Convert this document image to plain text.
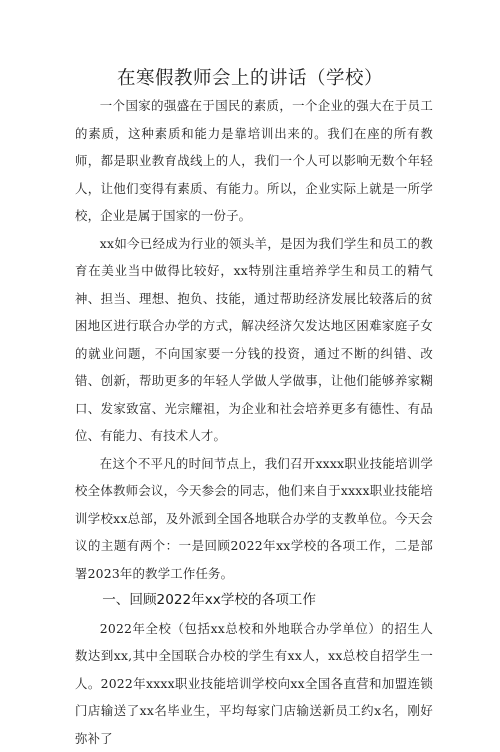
在寒假教师会上的讲话（学校）

一个国家的强盛在于国民的素质，一个企业的强大在于员工的素质，这种素质和能力是靠培训出来的。我们在座的所有教师，都是职业教育战线上的人，我们一个人可以影响无数个年轻人，让他们变得有素质、有能力。所以，企业实际上就是一所学校，企业是属于国家的一份子。

xx如今已经成为行业的领头羊，是因为我们学生和员工的教育在美业当中做得比较好，xx特别注重培养学生和员工的精气神、担当、理想、抱负、技能，通过帮助经济发展比较落后的贫困地区进行联合办学的方式，解决经济欠发达地区困难家庭子女的就业问题，不向国家要一分钱的投资，通过不断的纠错、改错、创新，帮助更多的年轻人学做人学做事，让他们能够养家糊口、发家致富、光宗耀祖，为企业和社会培养更多有德性、有品位、有能力、有技术人才。

在这个不平凡的时间节点上，我们召开xxxx职业技能培训学校全体教师会议，今天参会的同志，他们来自于xxxx职业技能培训学校xx总部，及外派到全国各地联合办学的支教单位。今天会议的主题有两个：一是回顾2022年xx学校的各项工作，二是部署2023年的教学工作任务。

一、回顾2022年xx学校的各项工作

2022年全校（包括xx总校和外地联合办学单位）的招生人数达到xx,其中全国联合办校的学生有xx人，xx总校自招学生一人。2022年xxxx职业技能培训学校向xx全国各直营和加盟连锁门店输送了xx名毕业生，平均每家门店输送新员工约x名，刚好弥补了
